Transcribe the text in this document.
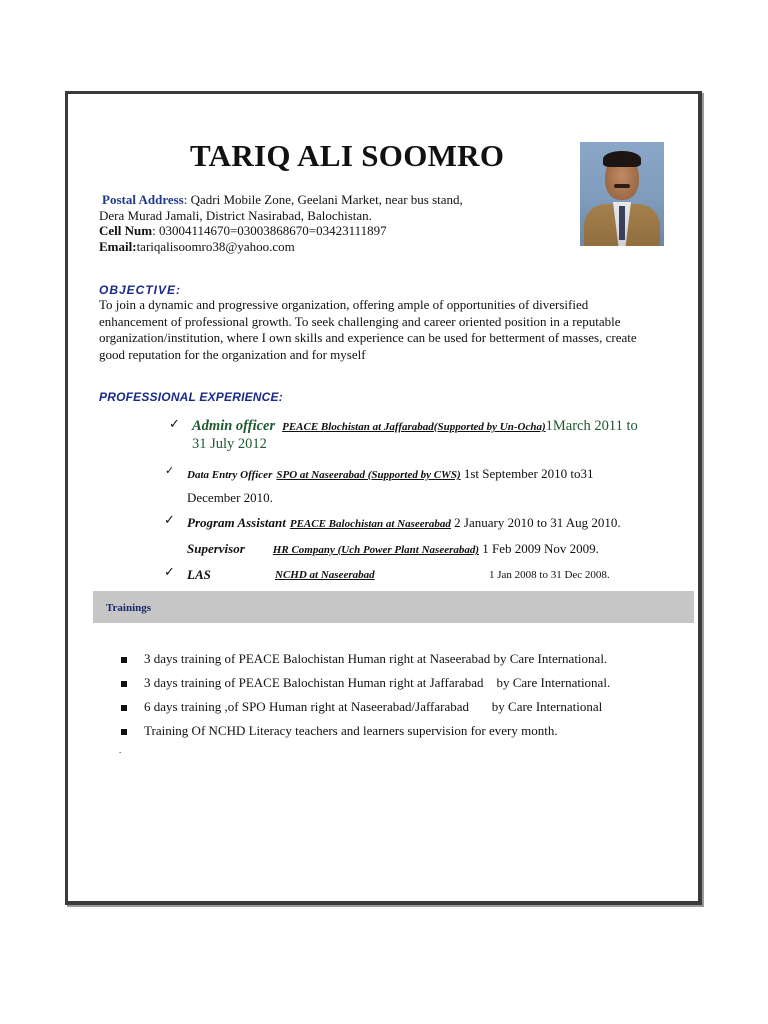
TARIQ ALI SOOMRO
Postal Address: Qadri Mobile Zone, Geelani Market, near bus stand,
Dera Murad Jamali, District Nasirabad, Balochistan.
Cell Num: 03004114670=03003868670=03423111897
Email:tariqalisoomro38@yahoo.com
OBJECTIVE:
To join a dynamic and progressive organization, offering ample of opportunities of diversified
enhancement of professional growth. To seek challenging and career oriented position in a reputable
organization/institution, where I own skills and experience can be used for betterment of masses, create
good reputation for the organization and for myself
PROFESSIONAL EXPERIENCE:
✓ Admin officer PEACE Blochistan at Jaffarabad(Supported by Un-Ocha)1March 2011 to
31 July 2012
✓ Data Entry Officer SPO at Naseerabad (Supported by CWS) 1st September 2010 to31
December 2010.
✓ Program Assistant PEACE Balochistan at Naseerabad 2 January 2010 to 31 Aug 2010.
Supervisor	HR Company (Uch Power Plant Naseerabad) 1 Feb 2009 Nov 2009.
✓ LAS	NCHD at Naseerabad	1 Jan 2008 to 31 Dec 2008.
Trainings
3 days training of PEACE Balochistan Human right at Naseerabad by Care International.
3 days training of PEACE Balochistan Human right at Jaffarabad    by Care International.
6 days training ,of SPO Human right at Naseerabad/Jaffarabad       by Care International
Training Of NCHD Literacy teachers and learners supervision for every month.
.
